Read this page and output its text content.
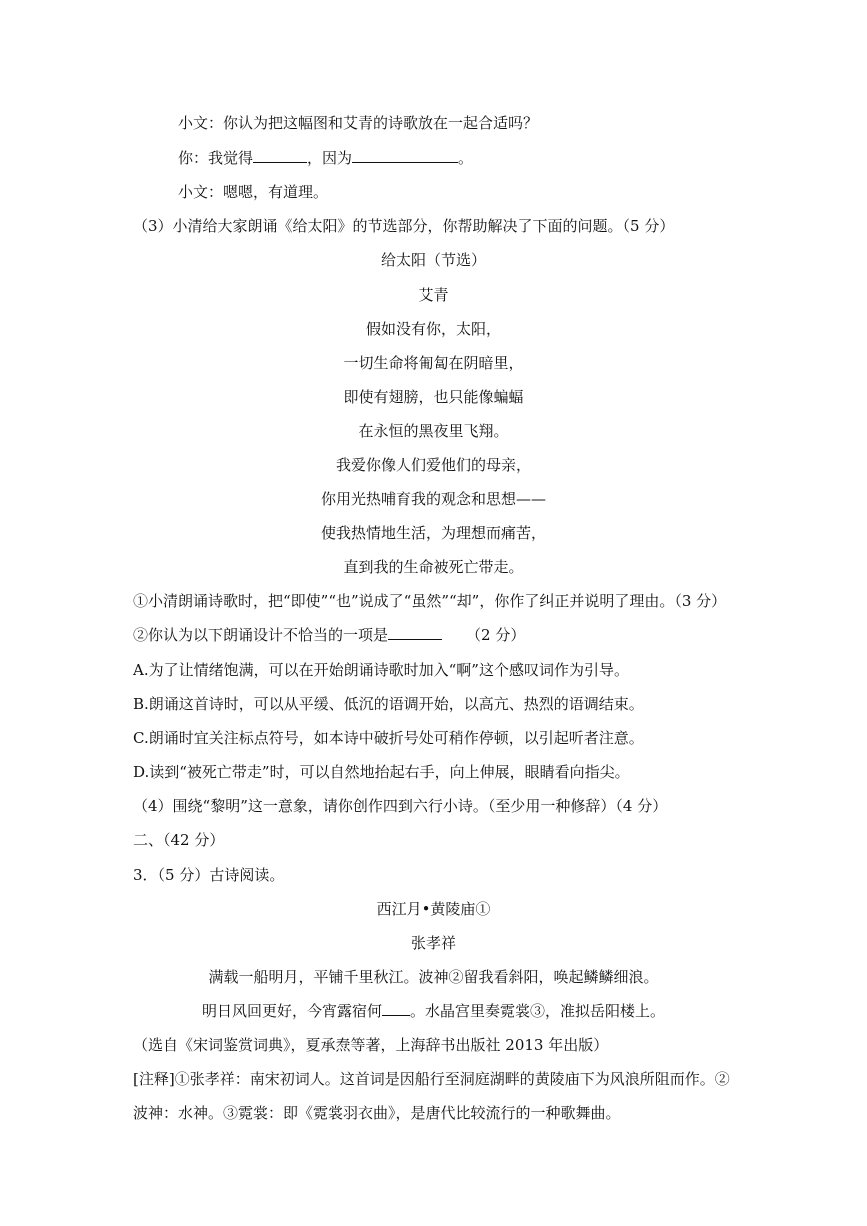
小文：你认为把这幅图和艾青的诗歌放在一起合适吗？
你：我觉得	，因为	。
小文：嗯嗯，有道理。
（3）小清给大家朗诵《给太阳》的节选部分，你帮助解决了下面的问题。（5 分）
给太阳（节选）
艾青
假如没有你，太阳，
一切生命将匍匐在阴暗里，
即使有翅膀，也只能像蝙蝠
在永恒的黑夜里飞翔。
我爱你像人们爱他们的母亲，
你用光热哺育我的观念和思想——
使我热情地生活，为理想而痛苦，
直到我的生命被死亡带走。
①小清朗诵诗歌时，把“即使”“也”说成了“虽然”“却”，你作了纠正并说明了理由。（3 分）
②你认为以下朗诵设计不恰当的一项是	（2 分）
A.为了让情绪饱满，可以在开始朗诵诗歌时加入“啊”这个感叹词作为引导。
B.朗诵这首诗时，可以从平缓、低沉的语调开始，以高亢、热烈的语调结束。
C.朗诵时宜关注标点符号，如本诗中破折号处可稍作停顿，以引起听者注意。
D.读到“被死亡带走”时，可以自然地抬起右手，向上伸展，眼睛看向指尖。
（4）围绕“黎明”这一意象，请你创作四到六行小诗。（至少用一种修辞）（4 分）
二、（42 分）
3．（5 分）古诗阅读。
西江月•黄陵庙①
张孝祥
满载一船明月，平铺千里秋江。波神②留我看斜阳，唤起鳞鳞细浪。
明日风回更好，今宵露宿何 。水晶宫里奏霓裳③，准拟岳阳楼上。
（选自《宋词鉴赏词典》，夏承焘等著，上海辞书出版社 2013 年出版）
[注释]①张孝祥：南宋初词人。这首词是因船行至洞庭湖畔的黄陵庙下为风浪所阻而作。②
波神：水神。③霓裳：即《霓裳羽衣曲》，是唐代比较流行的一种歌舞曲。
